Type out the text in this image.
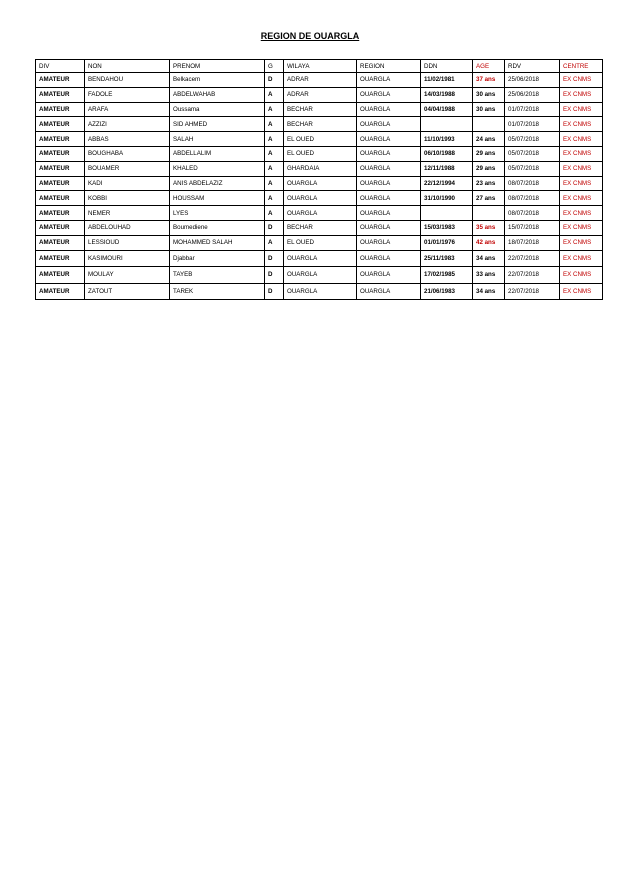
REGION DE OUARGLA
DIV	NON	PRENOM	G	WILAYA	REGION	DDN	AGE	RDV	CENTRE
AMATEUR	BENDAHOU	Belkacem	D	ADRAR	OUARGLA	11/02/1981	37 ans	25/06/2018	EX CNMS
AMATEUR	FADOLE	ABDELWAHAB	A	ADRAR	OUARGLA	14/03/1988	30 ans	25/06/2018	EX CNMS
AMATEUR	ARAFA	Oussama	A	BECHAR	OUARGLA	04/04/1988	30 ans	01/07/2018	EX CNMS
AMATEUR	AZZIZI	SID AHMED	A	BECHAR	OUARGLA			01/07/2018	EX CNMS
AMATEUR	ABBAS	SALAH	A	EL OUED	OUARGLA	11/10/1993	24 ans	05/07/2018	EX CNMS
AMATEUR	BOUGHABA	ABDELLALIM	A	EL OUED	OUARGLA	06/10/1988	29 ans	05/07/2018	EX CNMS
AMATEUR	BOUAMER	KHALED	A	GHARDAIA	OUARGLA	12/11/1988	29 ans	05/07/2018	EX CNMS
AMATEUR	KADI	ANIS ABDELAZIZ	A	OUARGLA	OUARGLA	22/12/1994	23 ans	08/07/2018	EX CNMS
AMATEUR	KOBBI	HOUSSAM	A	OUARGLA	OUARGLA	31/10/1990	27 ans	08/07/2018	EX CNMS
AMATEUR	NEMER	LYES	A	OUARGLA	OUARGLA			08/07/2018	EX CNMS
AMATEUR	ABDELOUHAD	Boumediene	D	BECHAR	OUARGLA	15/03/1983	35 ans	15/07/2018	EX CNMS
AMATEUR	LESSIOUD	MOHAMMED SALAH	A	EL OUED	OUARGLA	01/01/1976	42 ans	18/07/2018	EX CNMS
AMATEUR	KASIMOURI	Djabbar	D	OUARGLA	OUARGLA	25/11/1983	34 ans	22/07/2018	EX CNMS
AMATEUR	MOULAY	TAYEB	D	OUARGLA	OUARGLA	17/02/1985	33 ans	22/07/2018	EX CNMS
AMATEUR	ZATOUT	TAREK	D	OUARGLA	OUARGLA	21/06/1983	34 ans	22/07/2018	EX CNMS
